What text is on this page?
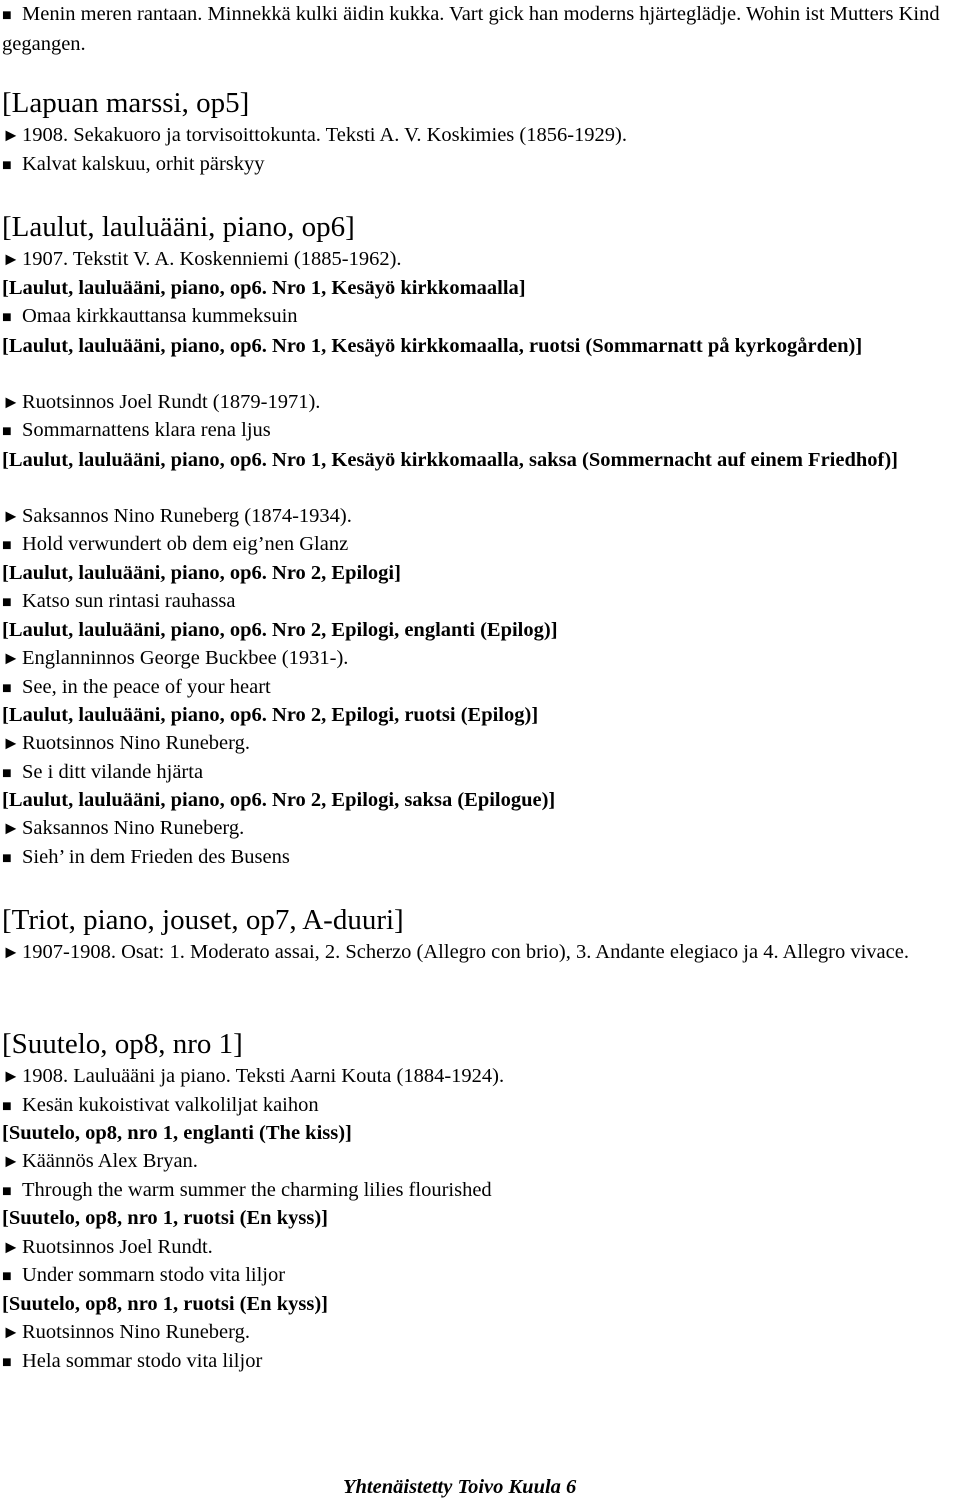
■ Menin meren rantaan. Minnekkä kulki äidin kukka. Vart gick han moderns hjärteglädje. Wohin ist Mutters Kind gegangen.
[Lapuan marssi, op5]
► 1908. Sekakuoro ja torvisoittokunta. Teksti A. V. Koskimies (1856-1929).
■ Kalvat kalskuu, orhit pärskyy
[Laulut, lauluääni, piano, op6]
► 1907. Tekstit V. A. Koskenniemi (1885-1962).
[Laulut, lauluääni, piano, op6. Nro 1, Kesäyö kirkkomaalla]
■ Omaa kirkkauttansa kummeksuin
[Laulut, lauluääni, piano, op6. Nro 1, Kesäyö kirkkomaalla, ruotsi (Sommarnatt på kyrkogården)]
► Ruotsinnos Joel Rundt (1879-1971).
■ Sommarnattens klara rena ljus
[Laulut, lauluääni, piano, op6. Nro 1, Kesäyö kirkkomaalla, saksa (Sommernacht auf einem Friedhof)]
► Saksannos Nino Runeberg (1874-1934).
■ Hold verwundert ob dem eig’nen Glanz
[Laulut, lauluääni, piano, op6. Nro 2, Epilogi]
■ Katso sun rintasi rauhassa
[Laulut, lauluääni, piano, op6. Nro 2, Epilogi, englanti (Epilog)]
► Englanninnos George Buckbee (1931-).
■ See, in the peace of your heart
[Laulut, lauluääni, piano, op6. Nro 2, Epilogi, ruotsi (Epilog)]
► Ruotsinnos Nino Runeberg.
■ Se i ditt vilande hjärta
[Laulut, lauluääni, piano, op6. Nro 2, Epilogi, saksa (Epilogue)]
► Saksannos Nino Runeberg.
■ Sieh’ in dem Frieden des Busens
[Triot, piano, jouset, op7, A-duuri]
► 1907-1908. Osat: 1. Moderato assai, 2. Scherzo (Allegro con brio), 3. Andante elegiaco ja 4. Allegro vivace.
[Suutelo, op8, nro 1]
► 1908. Lauluääni ja piano. Teksti Aarni Kouta (1884-1924).
■ Kesän kukoistivat valkoliljat kaihon
[Suutelo, op8, nro 1, englanti (The kiss)]
► Käännös Alex Bryan.
■ Through the warm summer the charming lilies flourished
[Suutelo, op8, nro 1, ruotsi (En kyss)]
► Ruotsinnos Joel Rundt.
■ Under sommarn stodo vita liljor
[Suutelo, op8, nro 1, ruotsi (En kyss)]
► Ruotsinnos Nino Runeberg.
■ Hela sommar stodo vita liljor
Yhtenäistetty Toivo Kuula 6
